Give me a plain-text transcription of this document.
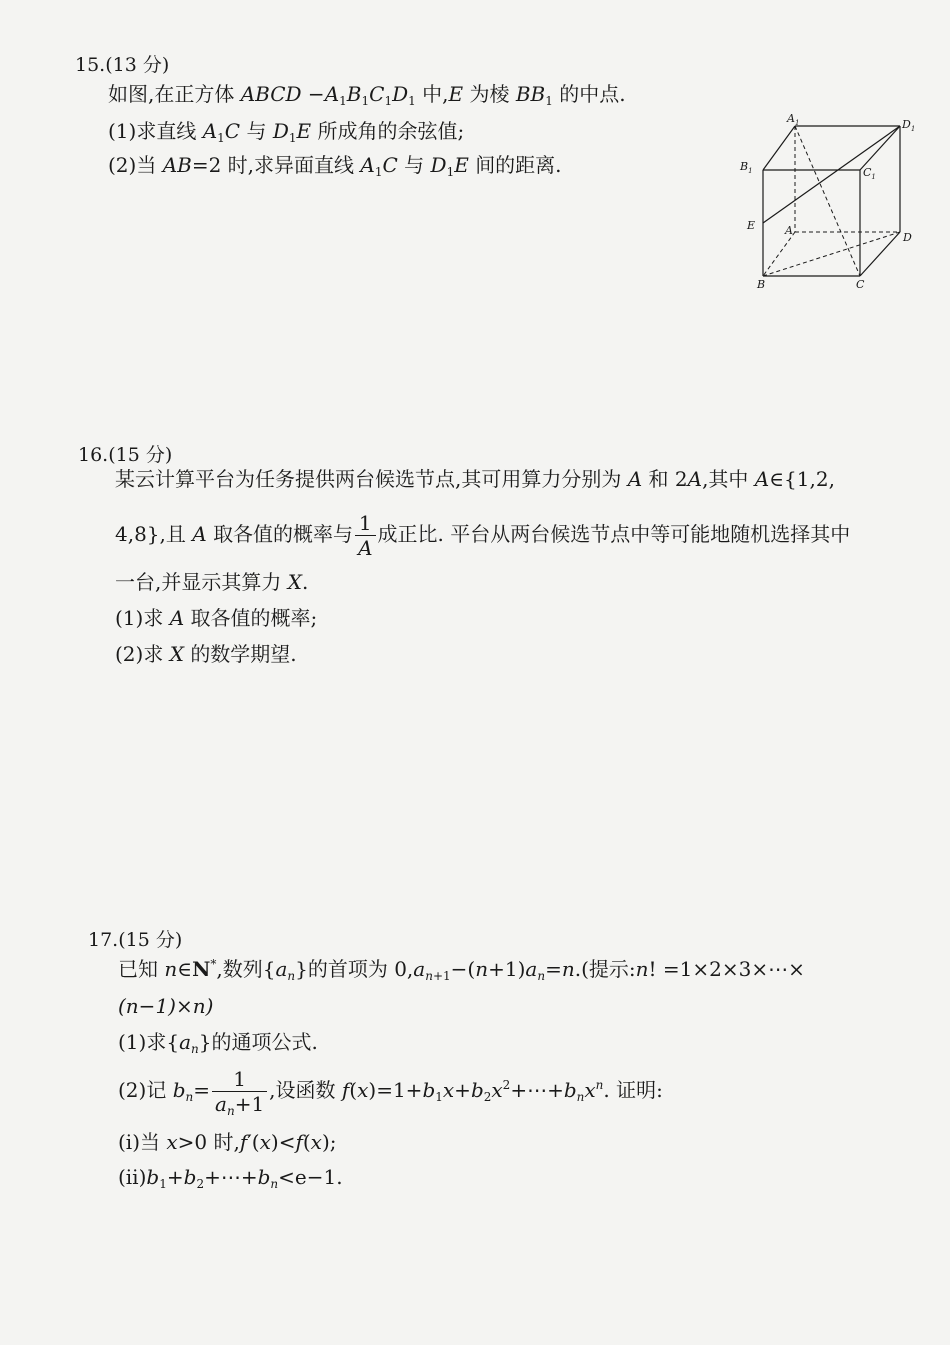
15.(13 分)
如图,在正方体 ABCD $-A_1B_1C_1D_1$ 中,E 为棱 $BB_1$ 的中点.
(1)求直线 $A_1C$ 与 $D_1E$ 所成角的余弦值;
(2)当 AB=2 时,求异面直线 $A_1C$ 与 $D_1E$ 间的距离.
$A_1$	$D_1$
$B_1$	$C_1$
E	A
D
B	C
16.(15 分)
某云计算平台为任务提供两台候选节点,其可用算力分别为 A 和 2A,其中 A∈{1,2,
4,8},且 A 取各值的概率与 $\frac{1}{A}$ 成正比. 平台从两台候选节点中等可能地随机选择其中
一台,并显示其算力 X.
(1)求 A 取各值的概率;
(2)求 X 的数学期望.
17.(15 分)
已知 n∈N*,数列$\{a_n\}$的首项为 $0,a_{n+1}-(n+1)a_n=n$.(提示:n! =1×2×3×⋯×
(n−1)×n)
(1)求$\{a_n\}$的通项公式.
(2)记 $b_n= \frac{1}{a_n+1}$ ,设函数 $f(x)=1+b_1x+b_2x^2+\cdots+b_nx^n$. 证明:
(ⅰ)当 x>0 时,f′(x)<f(x);
$(ⅱ)b_1+b_2+\cdots+b_n<e-1$.
